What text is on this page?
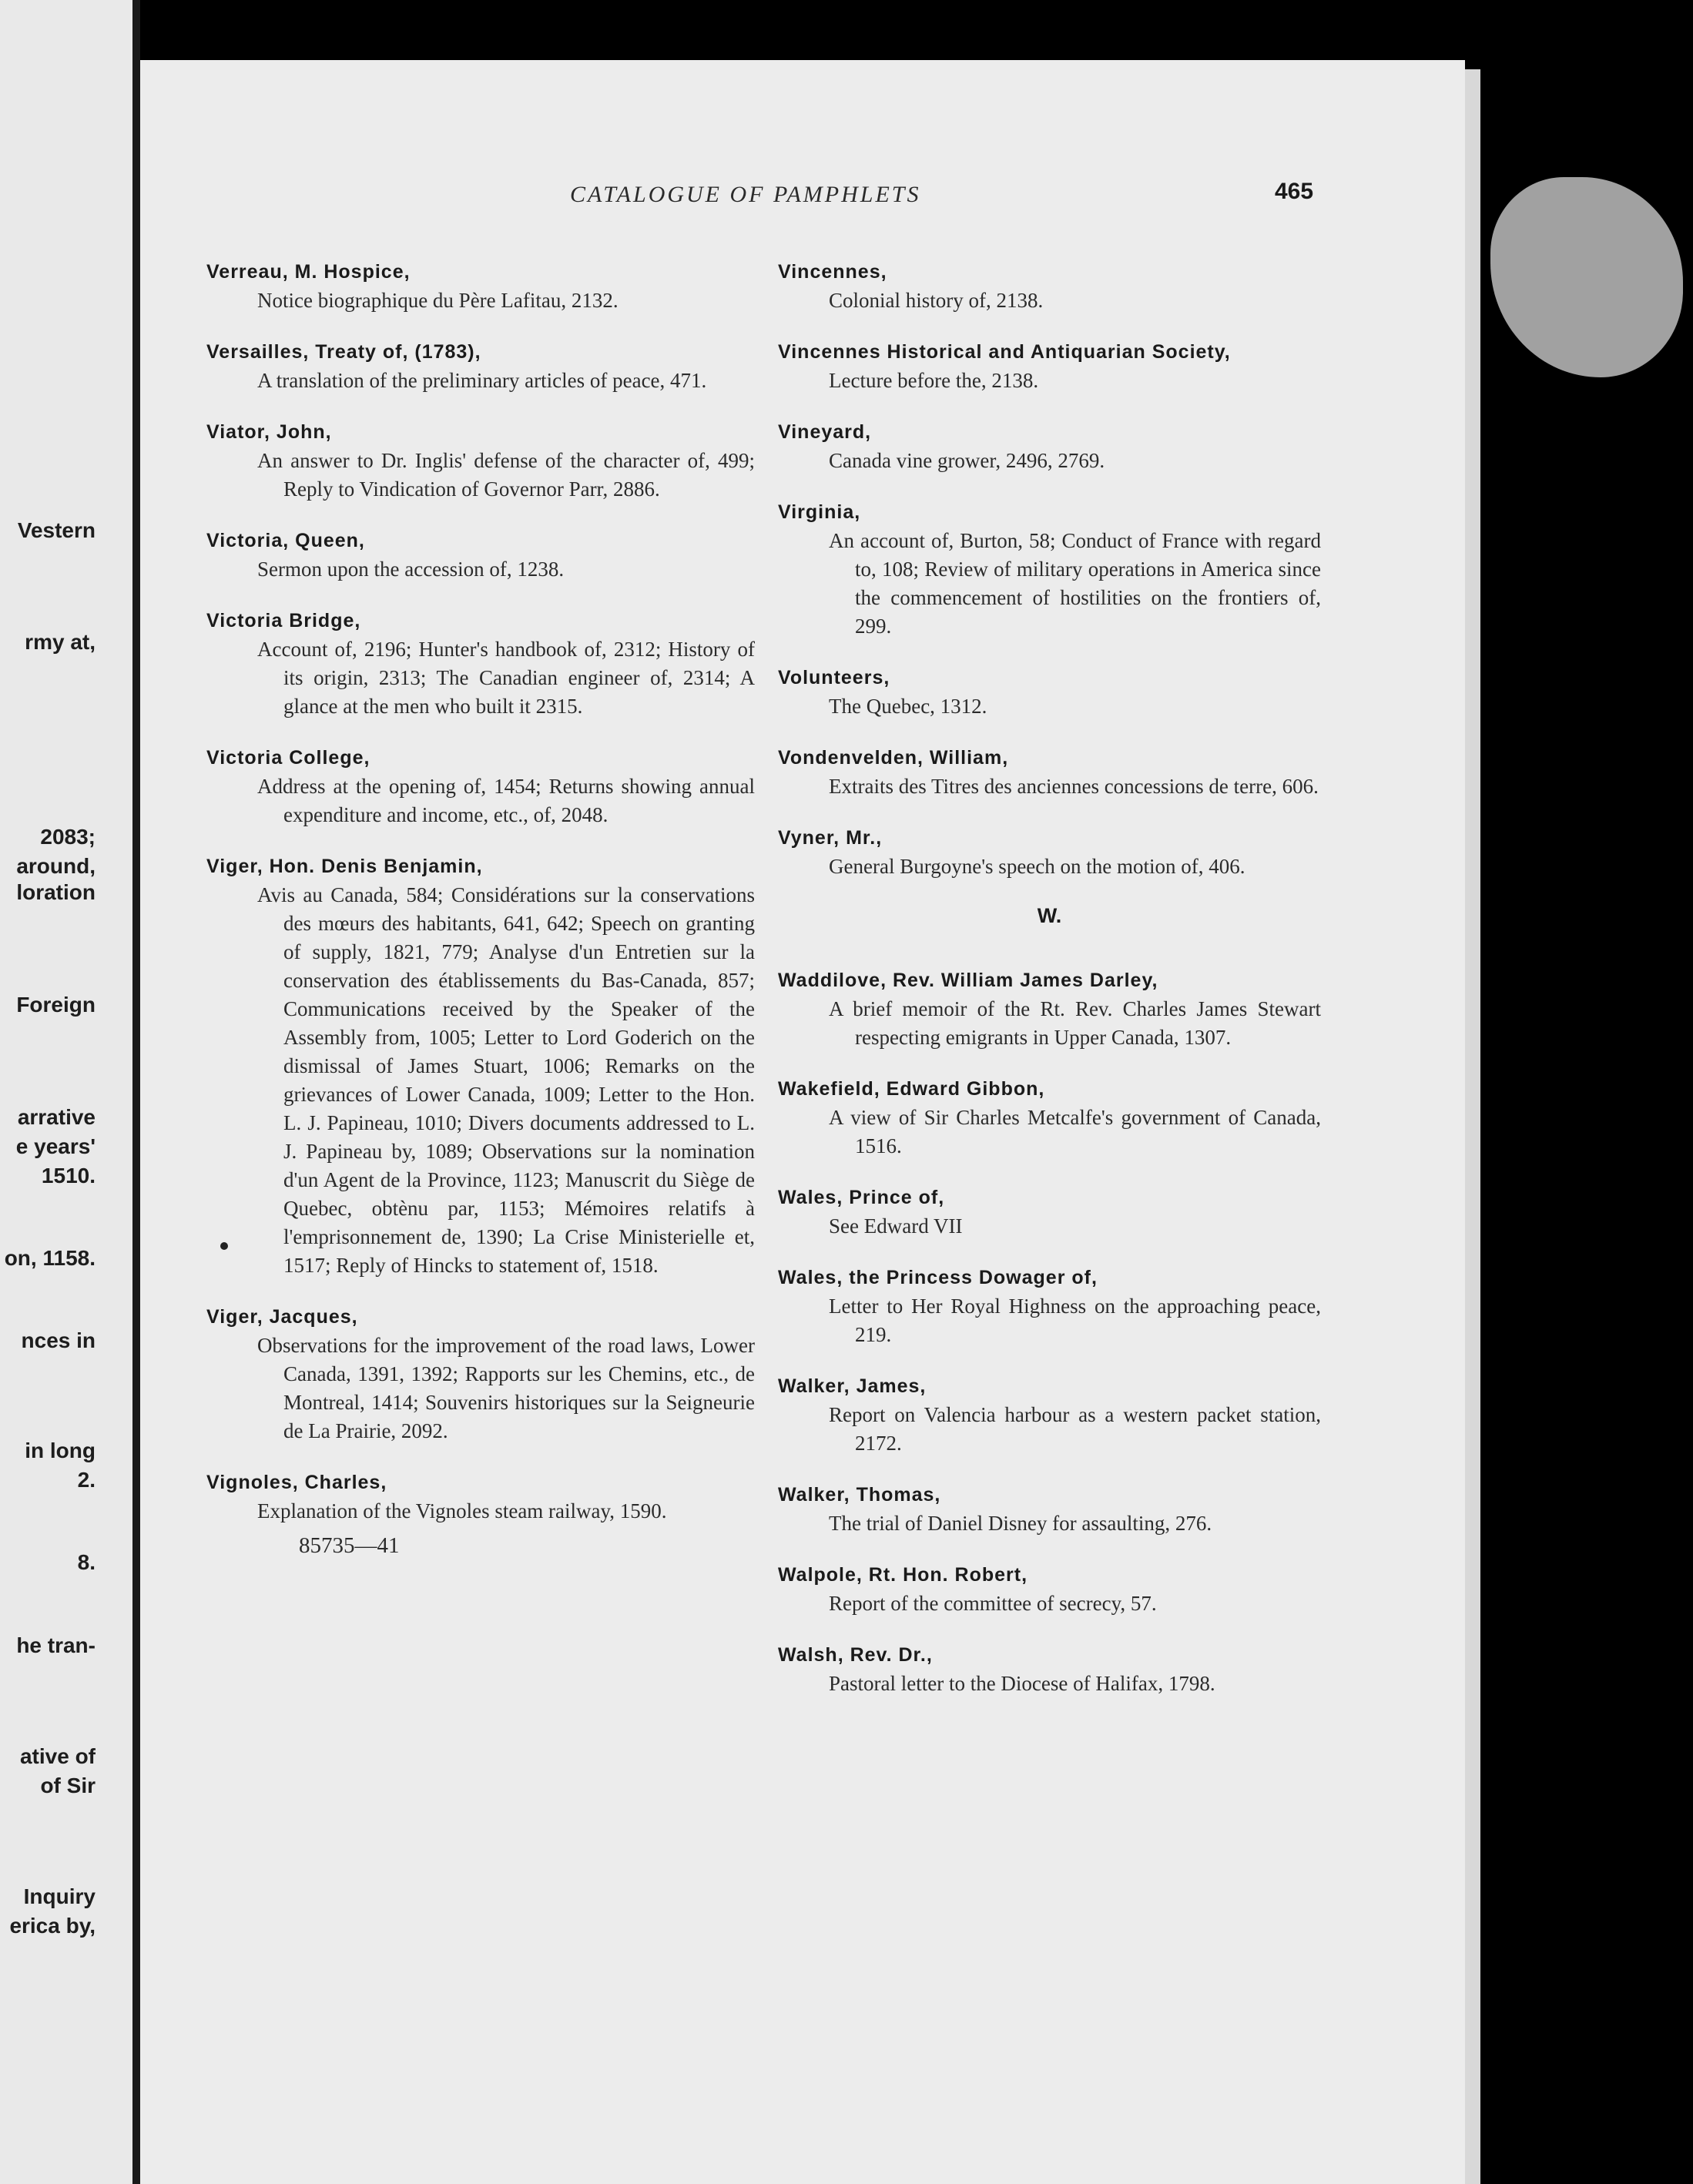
Vestern
rmy at,
2083;
around,
loration
Foreign
arrative
e years'
1510.
on, 1158.
nces in
in long
2.
8.
he tran-
ative of
of Sir
Inquiry
erica by,
CATALOGUE OF PAMPHLETS	465
Verreau, M. Hospice,
Notice biographique du Père Lafitau, 2132.
Versailles, Treaty of, (1783),
A translation of the preliminary articles of peace, 471.
Viator, John,
An answer to Dr. Inglis' defense of the character of, 499; Reply to Vindication of Governor Parr, 2886.
Victoria, Queen,
Sermon upon the accession of, 1238.
Victoria Bridge,
Account of, 2196; Hunter's handbook of, 2312; History of its origin, 2313; The Canadian engineer of, 2314; A glance at the men who built it 2315.
Victoria College,
Address at the opening of, 1454; Returns showing annual expenditure and income, etc., of, 2048.
Viger, Hon. Denis Benjamin,
Avis au Canada, 584; Considérations sur la conservations des mœurs des habitants, 641, 642; Speech on granting of supply, 1821, 779; Analyse d'un Entretien sur la conservation des établissements du Bas-Canada, 857; Communications received by the Speaker of the Assembly from, 1005; Letter to Lord Goderich on the dismissal of James Stuart, 1006; Remarks on the grievances of Lower Canada, 1009; Letter to the Hon. L. J. Papineau, 1010; Divers documents addressed to L. J. Papineau by, 1089; Observations sur la nomination d'un Agent de la Province, 1123; Manuscrit du Siège de Quebec, obtènu par, 1153; Mémoires relatifs à l'emprisonnement de, 1390; La Crise Ministerielle et, 1517; Reply of Hincks to statement of, 1518.
Viger, Jacques,
Observations for the improvement of the road laws, Lower Canada, 1391, 1392; Rapports sur les Chemins, etc., de Montreal, 1414; Souvenirs historiques sur la Seigneurie de La Prairie, 2092.
Vignoles, Charles,
Explanation of the Vignoles steam railway, 1590.
85735—41
Vincennes,
Colonial history of, 2138.
Vincennes Historical and Antiquarian Society,
Lecture before the, 2138.
Vineyard,
Canada vine grower, 2496, 2769.
Virginia,
An account of, Burton, 58; Conduct of France with regard to, 108; Review of military operations in America since the commencement of hostilities on the frontiers of, 299.
Volunteers,
The Quebec, 1312.
Vondenvelden, William,
Extraits des Titres des anciennes concessions de terre, 606.
Vyner, Mr.,
General Burgoyne's speech on the motion of, 406.
W.
Waddilove, Rev. William James Darley,
A brief memoir of the Rt. Rev. Charles James Stewart respecting emigrants in Upper Canada, 1307.
Wakefield, Edward Gibbon,
A view of Sir Charles Metcalfe's government of Canada, 1516.
Wales, Prince of,
See Edward VII
Wales, the Princess Dowager of,
Letter to Her Royal Highness on the approaching peace, 219.
Walker, James,
Report on Valencia harbour as a western packet station, 2172.
Walker, Thomas,
The trial of Daniel Disney for assaulting, 276.
Walpole, Rt. Hon. Robert,
Report of the committee of secrecy, 57.
Walsh, Rev. Dr.,
Pastoral letter to the Diocese of Halifax, 1798.
